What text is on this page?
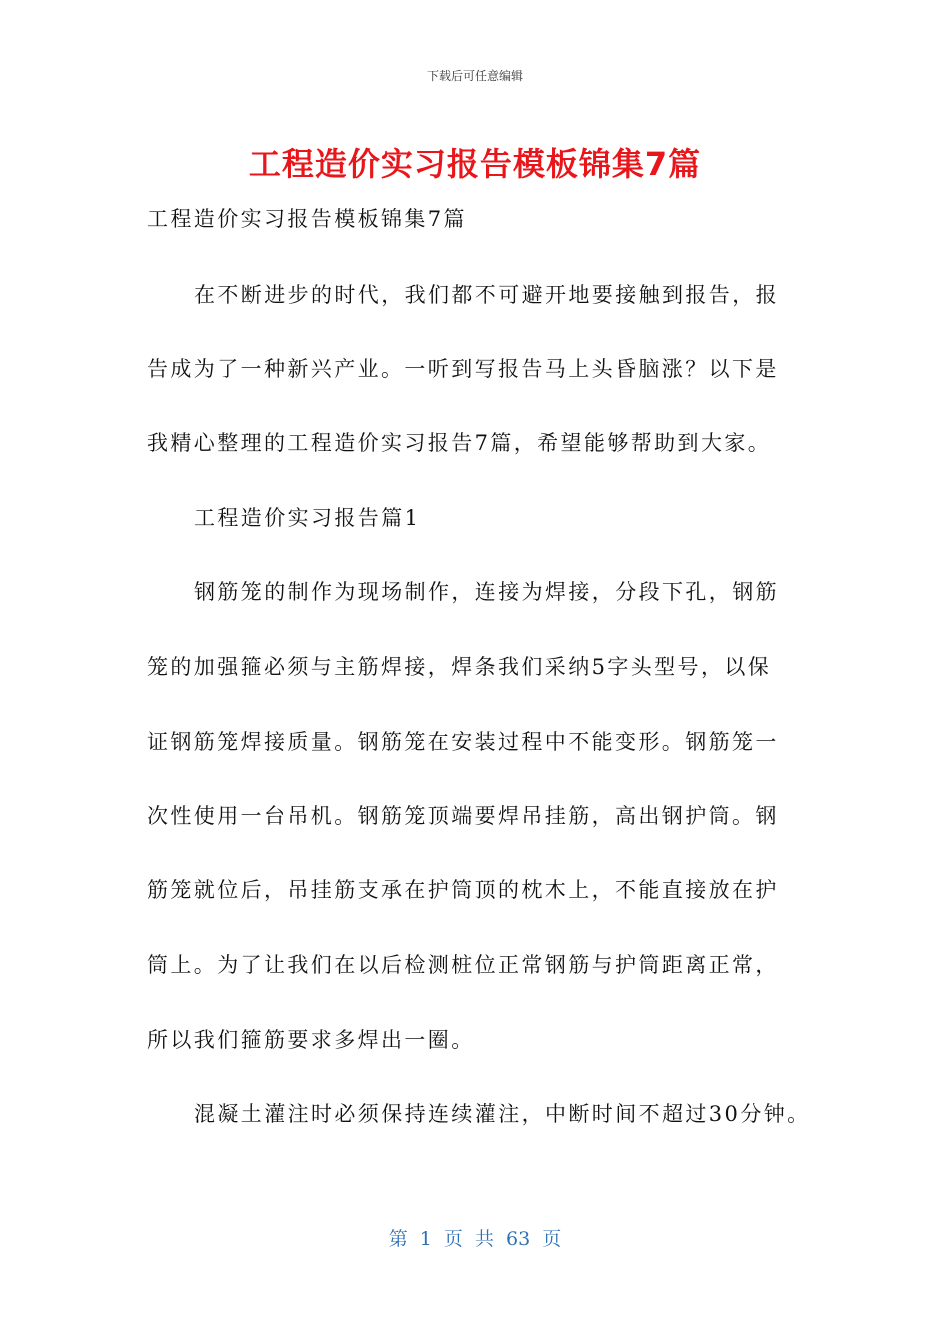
下载后可任意编辑
工程造价实习报告模板锦集7篇
工程造价实习报告模板锦集7篇
在不断进步的时代，我们都不可避开地要接触到报告，报
告成为了一种新兴产业。一听到写报告马上头昏脑涨？以下是
我精心整理的工程造价实习报告7篇，希望能够帮助到大家。
工程造价实习报告篇1
钢筋笼的制作为现场制作，连接为焊接，分段下孔，钢筋
笼的加强箍必须与主筋焊接，焊条我们采纳5字头型号，以保
证钢筋笼焊接质量。钢筋笼在安装过程中不能变形。钢筋笼一
次性使用一台吊机。钢筋笼顶端要焊吊挂筋，高出钢护筒。钢
筋笼就位后，吊挂筋支承在护筒顶的枕木上，不能直接放在护
筒上。为了让我们在以后检测桩位正常钢筋与护筒距离正常，
所以我们箍筋要求多焊出一圈。
混凝土灌注时必须保持连续灌注，中断时间不超过30分钟。
第 1 页 共 63 页
